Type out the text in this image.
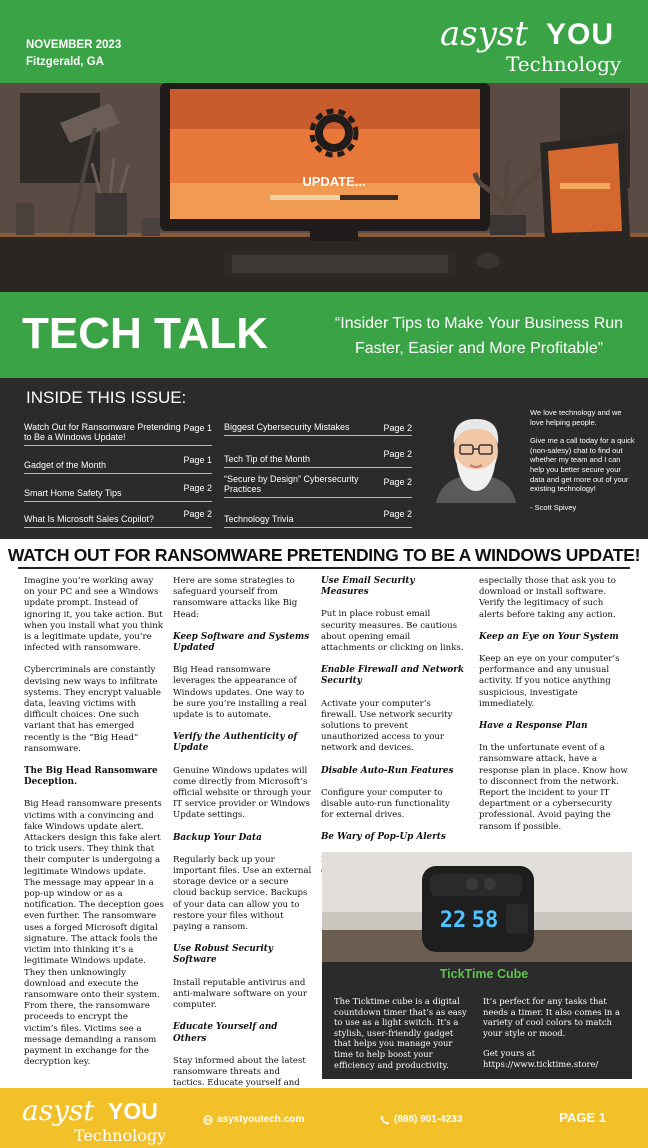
NOVEMBER 2023
Fitzgerald, GA
asyst YOU
Technology
UPDATE...
TECH TALK	“Insider Tips to Make Your Business Run Faster, Easier and More Profitable”
INSIDE THIS ISSUE:
Watch Out for Ransomware Pretending to Be a Windows Update!
Page 1
Gadget of the Month	Page 1
Smart Home Safety Tips	Page 2
What Is Microsoft Sales Copilot?	Page 2
Biggest Cybersecurity Mistakes	Page 2
Tech Tip of the Month	Page 2
“Secure by Design” Cybersecurity Practices
Page 2
Technology Trivia	Page 2

We love technology and we love helping people.

Give me a call today for a quick (non-salesy) chat to find out whether my team and I can help you better secure your data and get more out of your existing technology!

- Scott Spivey

WATCH OUT FOR RANSOMWARE PRETENDING TO BE A WINDOWS UPDATE!

Imagine you’re working away on your PC and see a Windows update prompt. Instead of ignoring it, you take action. But when you install what you think is a legitimate update, you’re infected with ransomware.

Cybercriminals are constantly devising new ways to infiltrate systems. They encrypt valuable data, leaving victims with difficult choices. One such variant that has emerged recently is the “Big Head” ransomware.

The Big Head Ransomware Deception.

Big Head ransomware presents victims with a convincing and fake Windows update alert. Attackers design this fake alert to trick users. They think that their computer is undergoing a legitimate Windows update. The message may appear in a pop-up window or as a notification. The deception goes even further. The ransomware uses a forged Microsoft digital signature. The attack fools the victim into thinking it’s a legitimate Windows update. They then unknowingly download and execute the ransomware onto their system. From there, the ransomware proceeds to encrypt the victim’s files. Victims see a message demanding a ransom payment in exchange for the decryption key.

Here are some strategies to safeguard yourself from ransomware attacks like Big Head:

Keep Software and Systems Updated

Big Head ransomware leverages the appearance of Windows updates. One way to be sure you’re installing a real update is to automate.

Verify the Authenticity of Update

Genuine Windows updates will come directly from Microsoft’s official website or through your IT service provider or Windows Update settings.

Backup Your Data

Regularly back up your important files. Use an external storage device or a secure cloud backup service. Backups of your data can allow you to restore your files without paying a ransom.

Use Robust Security Software

Install reputable antivirus and anti-malware software on your computer.

Educate Yourself and Others

Stay informed about the latest ransomware threats and tactics. Educate yourself and

Use Email Security Measures

Put in place robust email security measures. Be cautious about opening email attachments or clicking on links.

Enable Firewall and Network Security

Activate your computer’s firewall. Use network security solutions to prevent unauthorized access to your network and devices.

Disable Auto-Run Features

Configure your computer to disable auto-run functionality for external drives.

Be Wary of Pop-Up Alerts

especially those that ask you to download or install software. Verify the legitimacy of such alerts before taking any action.

Keep an Eye on Your System

Keep an eye on your computer’s performance and any unusual activity. If you notice anything suspicious, investigate immediately.

Have a Response Plan

In the unfortunate event of a ransomware attack, have a response plan in place. Know how to disconnect from the network. Report the incident to your IT department or a cybersecurity professional. Avoid paying the ransom if possible.

22 58
TickTime Cube

The Ticktime cube is a digital countdown timer that’s as easy to use as a light switch. It’s a stylish, user-friendly gadget that helps you manage your time to help boost your efficiency and productivity.

It’s perfect for any tasks that needs a timer. It also comes in a variety of cool colors to match your style or mood.

Get yours at https://www.ticktime.store/

asyst YOU
Technology
asystyoutech.com	(888) 901-4233	PAGE 1
